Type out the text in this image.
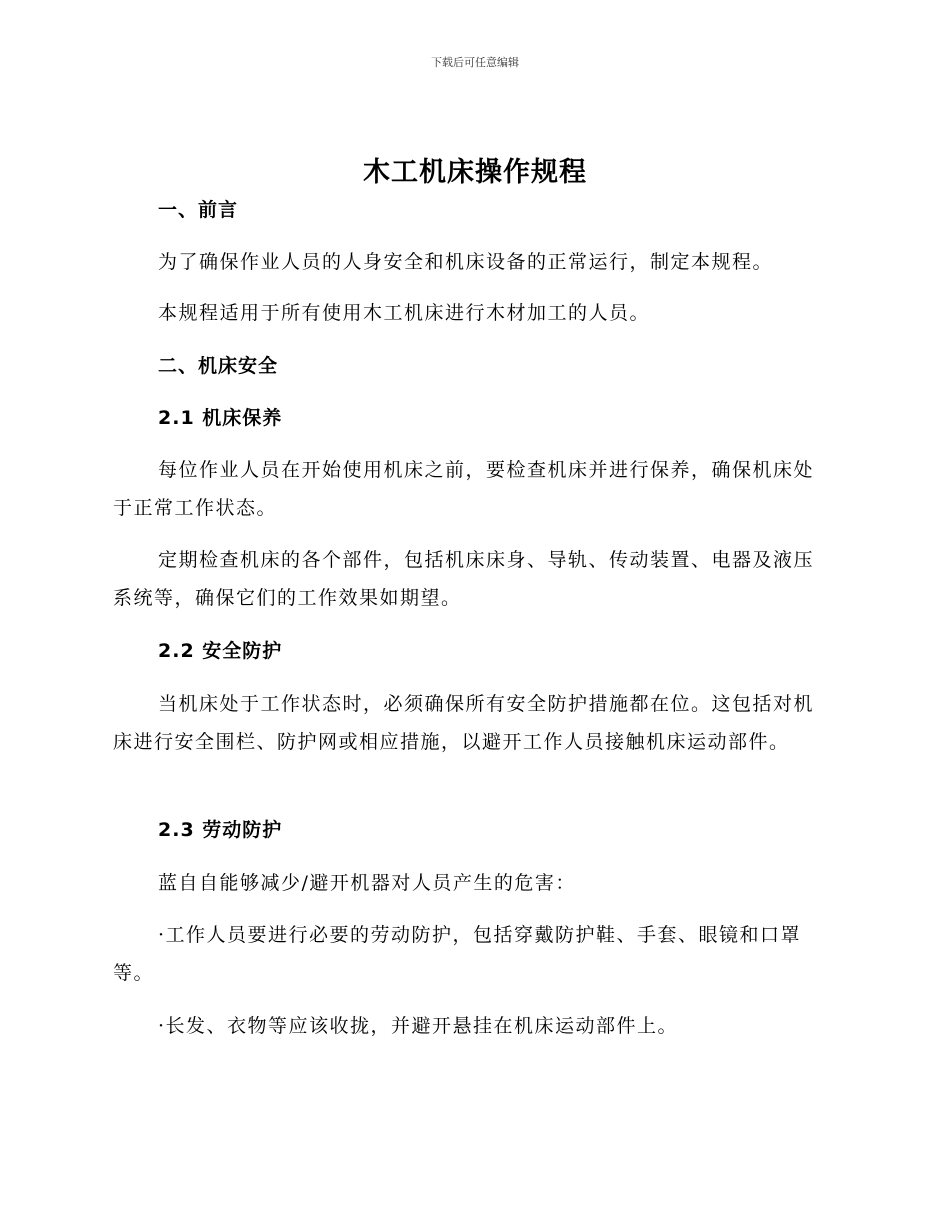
下载后可任意编辑
木工机床操作规程
一、前言
为了确保作业人员的人身安全和机床设备的正常运行，制定本规程。
本规程适用于所有使用木工机床进行木材加工的人员。
二、机床安全
2.1 机床保养
每位作业人员在开始使用机床之前，要检查机床并进行保养，确保机床处于正常工作状态。
定期检查机床的各个部件，包括机床床身、导轨、传动装置、电器及液压系统等，确保它们的工作效果如期望。
2.2 安全防护
当机床处于工作状态时，必须确保所有安全防护措施都在位。这包括对机床进行安全围栏、防护网或相应措施，以避开工作人员接触机床运动部件。
2.3 劳动防护
蓝自自能够减少/避开机器对人员产生的危害：
·工作人员要进行必要的劳动防护，包括穿戴防护鞋、手套、眼镜和口罩等。
·长发、衣物等应该收拢，并避开悬挂在机床运动部件上。
